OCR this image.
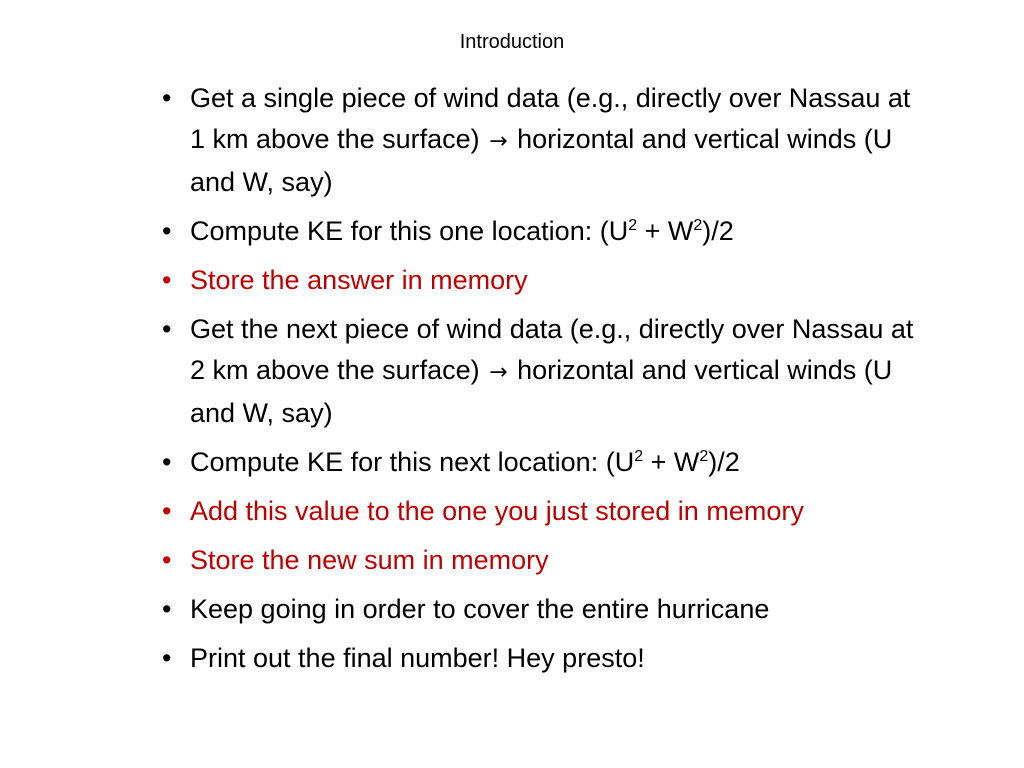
Introduction
• Get a single piece of wind data (e.g., directly over Nassau at 1 km above the surface) → horizontal and vertical winds (U and W, say)
• Compute KE for this one location: $(U^2 + W^2)/2$
• Store the answer in memory
• Get the next piece of wind data (e.g., directly over Nassau at 2 km above the surface) → horizontal and vertical winds (U and W, say)
• Compute KE for this next location: $(U^2 + W^2)/2$
• Add this value to the one you just stored in memory
• Store the new sum in memory
• Keep going in order to cover the entire hurricane
• Print out the final number! Hey presto!
